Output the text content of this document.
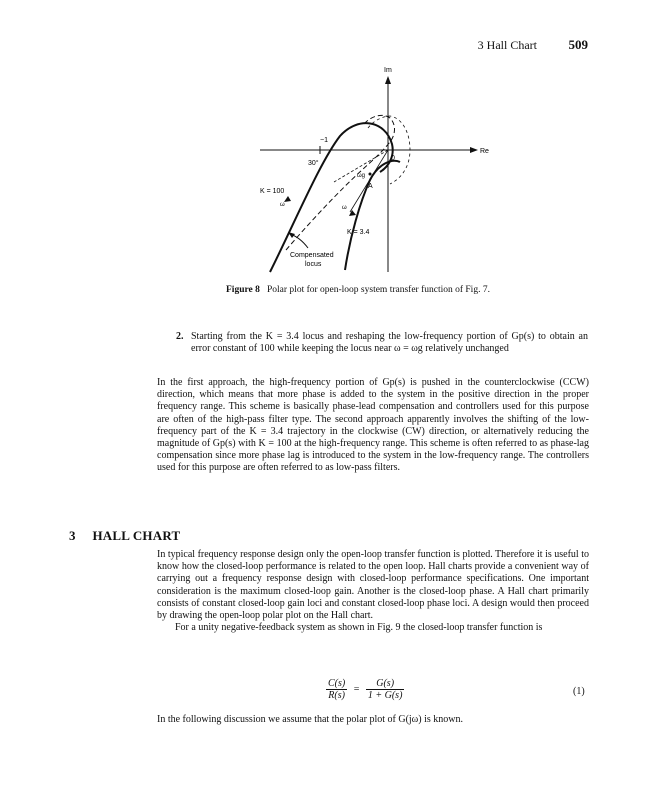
3 Hall Chart 509
Im
Re
0
−1
30°
ωg
A
K = 100
ω	ω
K = 3.4
Compensated
locus
Figure 8 Polar plot for open-loop system transfer function of Fig. 7.
2. Starting from the K = 3.4 locus and reshaping the low-frequency portion of Gp(s) to obtain an error constant of 100 while keeping the locus near ω = ωg relatively unchanged
In the first approach, the high-frequency portion of Gp(s) is pushed in the counterclockwise (CCW) direction, which means that more phase is added to the system in the positive direction in the proper frequency range. This scheme is basically phase-lead compensation and controllers used for this purpose are often of the high-pass filter type. The second approach apparently involves the shifting of the low-frequency part of the K = 3.4 trajectory in the clockwise (CW) direction, or alternatively reducing the magnitude of Gp(s) with K = 100 at the high-frequency range. This scheme is often referred to as phase-lag compensation since more phase lag is introduced to the system in the low-frequency range. The controllers used for this purpose are often referred to as low-pass filters.
3 HALL CHART

In typical frequency response design only the open-loop transfer function is plotted. Therefore it is useful to know how the closed-loop performance is related to the open loop. Hall charts provide a convenient way of carrying out a frequency response design with closed-loop performance specifications. One important consideration is the maximum closed-loop gain. Another is the closed-loop phase. A Hall chart primarily consists of constant closed-loop gain loci and constant closed-loop phase loci. A design would then proceed by drawing the open-loop polar plot on the Hall chart.

For a unity negative-feedback system as shown in Fig. 9 the closed-loop transfer function is

$\frac{C(s)}{R(s)} = \frac{G(s)}{1 + G(s)}$	(1)
In the following discussion we assume that the polar plot of G(jω) is known.
